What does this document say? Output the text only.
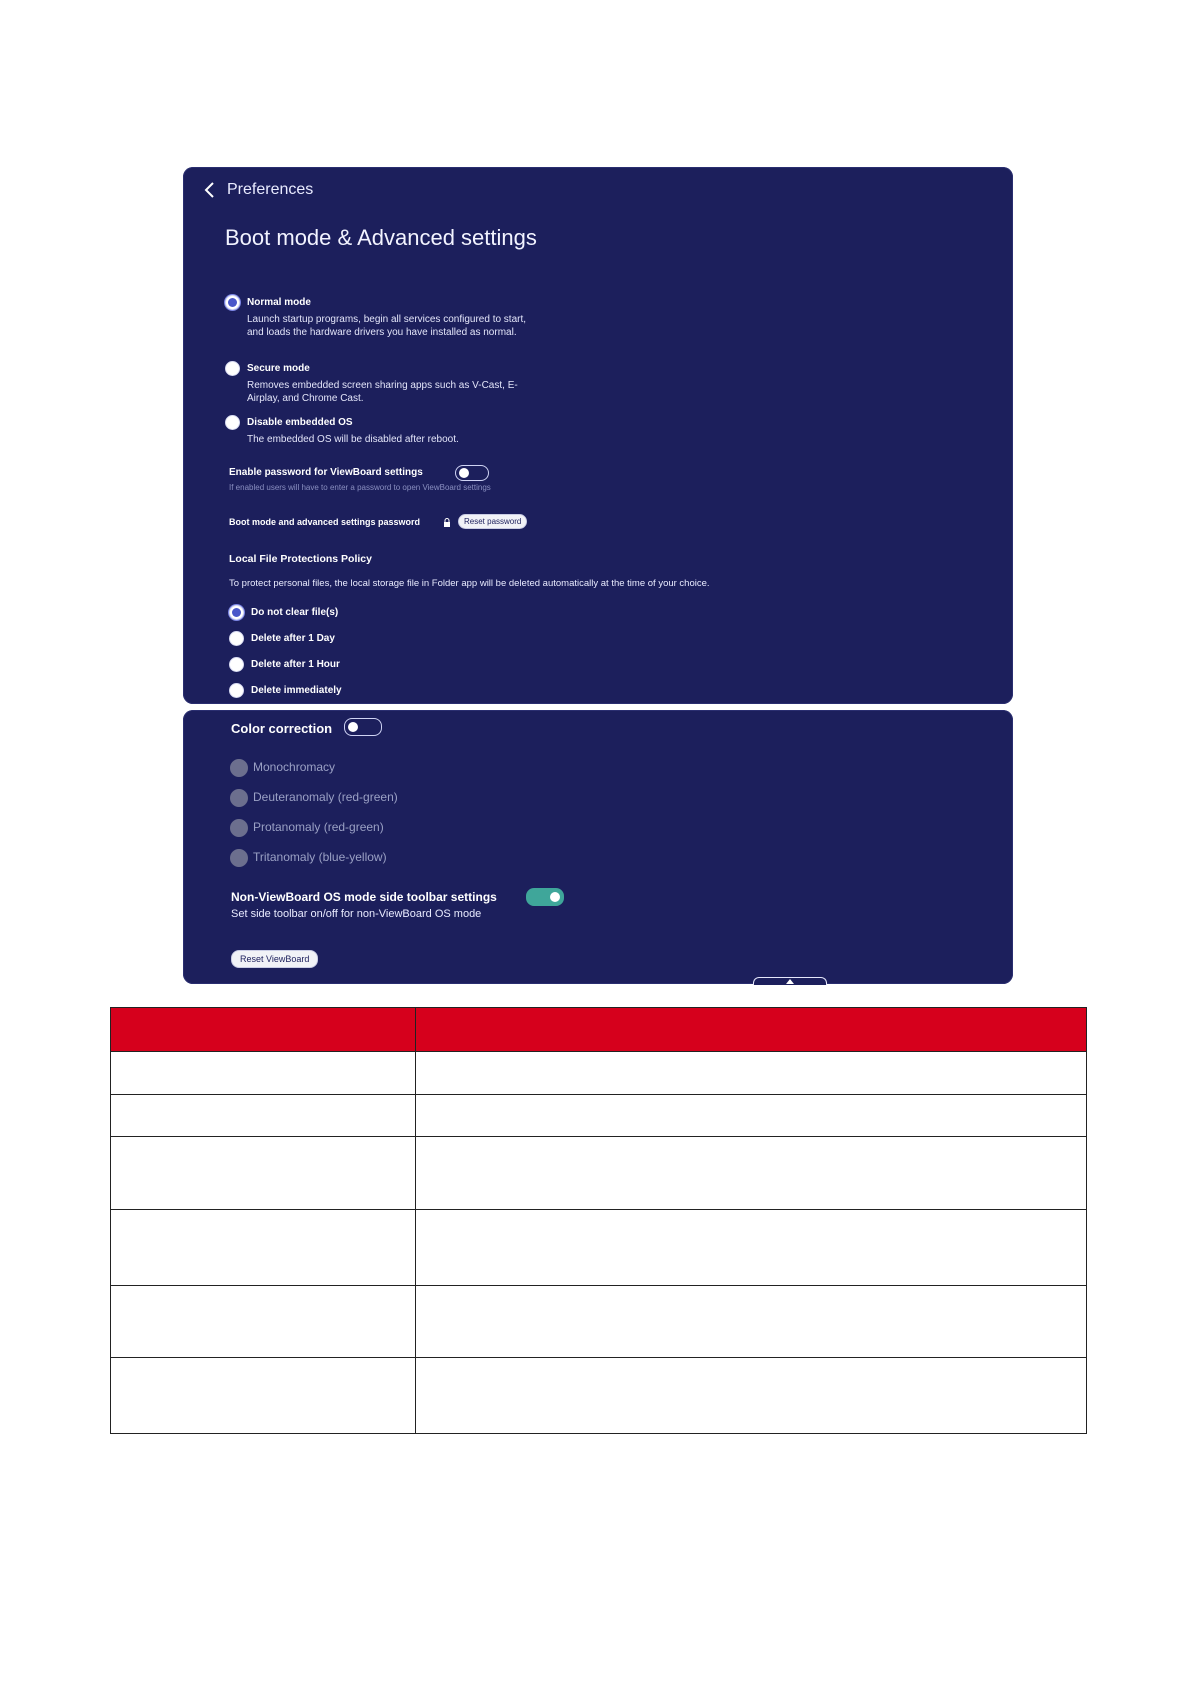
Preferences
Boot mode & Advanced settings
Normal mode
Launch startup programs, begin all services configured to start, and loads the hardware drivers you have installed as normal.
Secure mode
Removes embedded screen sharing apps such as V-Cast, E-Airplay, and Chrome Cast.
Disable embedded OS
The embedded OS will be disabled after reboot.
Enable password for ViewBoard settings
If enabled users will have to enter a password to open ViewBoard settings
Boot mode and advanced settings password	Reset password
Local File Protections Policy
To protect personal files, the local storage file in Folder app will be deleted automatically at the time of your choice.
Do not clear file(s)
Delete after 1 Day
Delete after 1 Hour
Delete immediately
Color correction
Monochromacy
Deuteranomaly (red-green)
Protanomaly (red-green)
Tritanomaly (blue-yellow)
Non-ViewBoard OS mode side toolbar settings
Set side toolbar on/off for non-ViewBoard OS mode
Reset ViewBoard
